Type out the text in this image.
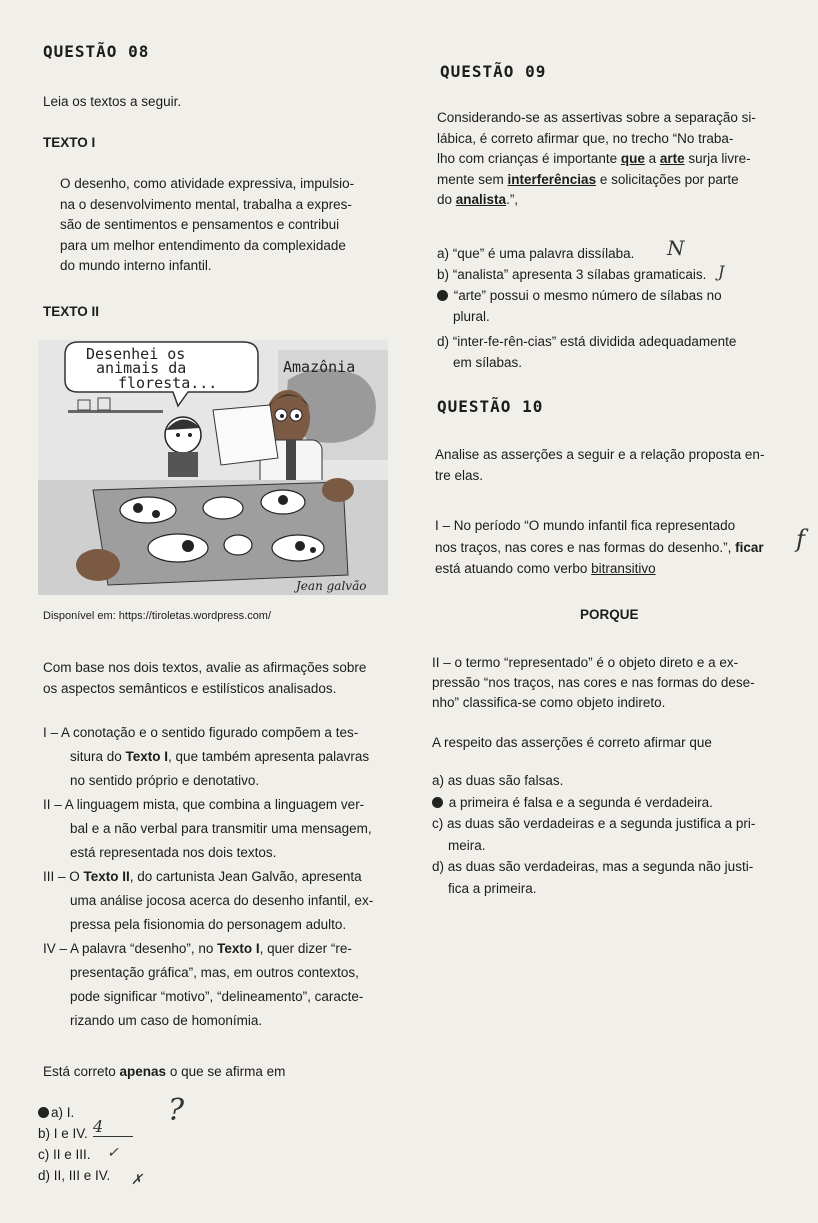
QUESTÃO 08
Leia os textos a seguir.
TEXTO I
O desenho, como atividade expressiva, impulsio-
na o desenvolvimento mental, trabalha a expres-
são de sentimentos e pensamentos e contribui
para um melhor entendimento da complexidade
do mundo interno infantil.
TEXTO II
Desenhei os
animais da
floresta...
Amazônia
Jean galvão
Disponível em: https://tiroletas.wordpress.com/
Com base nos dois textos, avalie as afirmações sobre
os aspectos semânticos e estilísticos analisados.
I – A conotação e o sentido figurado compõem a tes-
situra do Texto I, que também apresenta palavras
no sentido próprio e denotativo.
II – A linguagem mista, que combina a linguagem ver-
bal e a não verbal para transmitir uma mensagem,
está representada nos dois textos.
III – O Texto II, do cartunista Jean Galvão, apresenta
uma análise jocosa acerca do desenho infantil, ex-
pressa pela fisionomia do personagem adulto.
IV – A palavra “desenho”, no Texto I, quer dizer “re-
presentação gráfica”, mas, em outros contextos,
pode significar “motivo”, “delineamento”, caracte-
rizando um caso de homonímia.
Está correto apenas o que se afirma em
a) I.
b) I e IV.
c) II e III.
d) II, III e IV.
4	?
✓
✗
QUESTÃO 09
Considerando-se as assertivas sobre a separação si-
lábica, é correto afirmar que, no trecho “No traba-
lho com crianças é importante que a arte surja livre-
mente sem interferências e solicitações por parte
do analista.”,
a) “que” é uma palavra dissílaba.
b) “analista” apresenta 3 sílabas gramaticais.
“arte” possui o mesmo número de sílabas no
plural.
d) “inter-fe-rên-cias” está dividida adequadamente
em sílabas.
N
J
QUESTÃO 10
Analise as asserções a seguir e a relação proposta en-
tre elas.
I – No período “O mundo infantil fica representado
nos traços, nas cores e nas formas do desenho.”, ficar
está atuando como verbo bitransitivo
f
PORQUE
II – o termo “representado” é o objeto direto e a ex-
pressão “nos traços, nas cores e nas formas do dese-
nho” classifica-se como objeto indireto.
A respeito das asserções é correto afirmar que
a) as duas são falsas.
a primeira é falsa e a segunda é verdadeira.
c) as duas são verdadeiras e a segunda justifica a pri-
meira.
d) as duas são verdadeiras, mas a segunda não justi-
fica a primeira.
